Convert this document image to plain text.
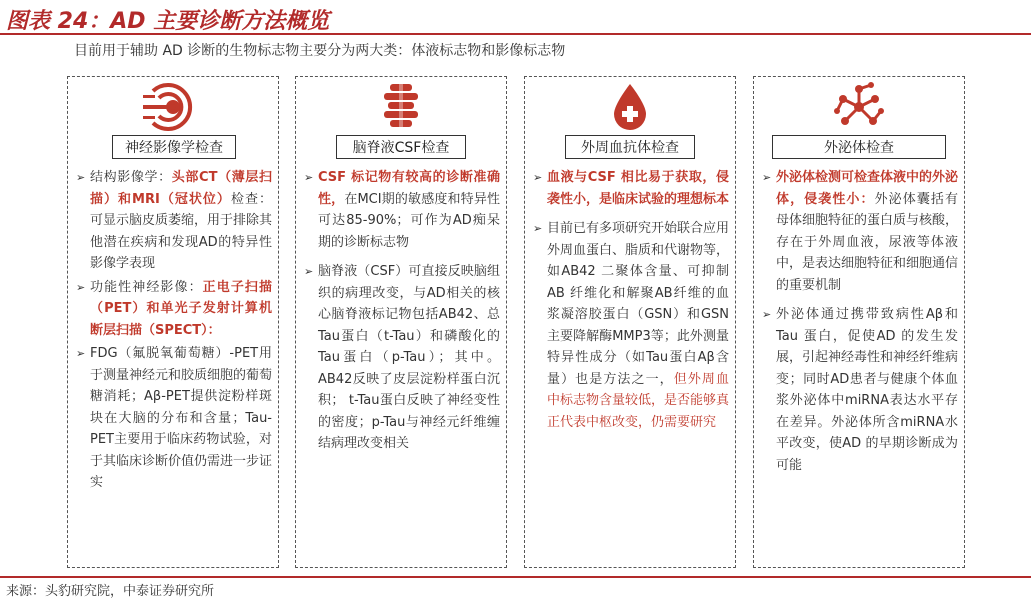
图表 24：AD 主要诊断方法概览
目前用于辅助 AD 诊断的生物标志物主要分为两大类：体液标志物和影像标志物
神经影像学检查
➢ 结构影像学：头部CT（薄层扫描）和MRI（冠状位）检查：可显示脑皮质萎缩，用于排除其他潜在疾病和发现AD的特异性影像学表现
➢ 功能性神经影像：正电子扫描（PET）和单光子发射计算机断层扫描（SPECT）：
➢ FDG（氟脱氧葡萄糖）-PET用于测量神经元和胶质细胞的葡萄糖消耗；Aβ-PET提供淀粉样斑块在大脑的分布和含量；Tau-PET主要用于临床药物试验，对于其临床诊断价值仍需进一步证实
脑脊液CSF检查
➢ CSF 标记物有较高的诊断准确性，在MCI期的敏感度和特异性可达85-90%；可作为AD痴呆期的诊断标志物
➢ 脑脊液（CSF）可直接反映脑组织的病理改变，与AD相关的核心脑脊液标记物包括AB42、总Tau蛋白（t-Tau）和磷酸化的Tau蛋白（p-Tau）；其中。AB42反映了皮层淀粉样蛋白沉积； t-Tau蛋白反映了神经变性的密度；p-Tau与神经元纤维缠结病理改变相关
外周血抗体检查
➢ 血液与CSF 相比易于获取，侵袭性小，是临床试验的理想标本
➢ 目前已有多项研究开始联合应用外周血蛋白、脂质和代谢物等，如AB42 二聚体含量、可抑制AB 纤维化和解聚AB纤维的血浆凝溶胶蛋白（GSN）和GSN主要降解酶MMP3等；此外测量特异性成分（如Tau蛋白Aβ含量）也是方法之一，但外周血中标志物含量较低，是否能够真正代表中枢改变，仍需要研究
外泌体检查
➢ 外泌体检测可检查体液中的外泌体，侵袭性小：外泌体囊括有母体细胞特征的蛋白质与核酸，存在于外周血液，尿液等体液中，是表达细胞特征和细胞通信的重要机制
➢ 外泌体通过携带致病性Aβ和Tau 蛋白，促使AD 的发生发展，引起神经毒性和神经纤维病变；同时AD患者与健康个体血浆外泌体中miRNA表达水平存在差异。外泌体所含miRNA水平改变，使AD 的早期诊断成为可能
来源：头豹研究院，中泰证券研究所
